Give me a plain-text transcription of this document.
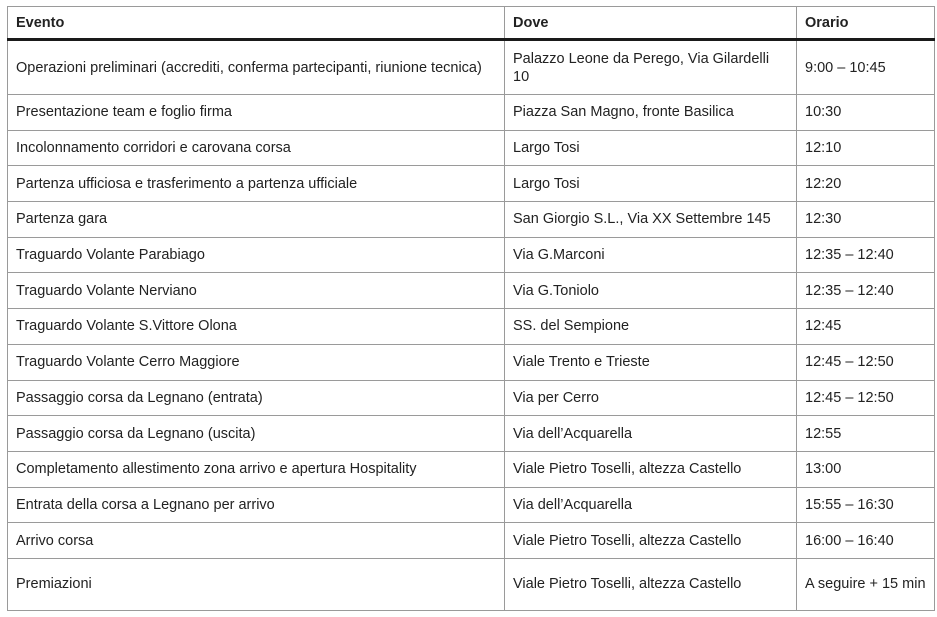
Evento	Dove	Orario
Operazioni preliminari (accrediti, conferma partecipanti, riunione tecnica)	Palazzo Leone da Perego, Via Gilardelli 10	9:00 – 10:45
Presentazione team e foglio firma	Piazza San Magno, fronte Basilica	10:30
Incolonnamento corridori e carovana corsa	Largo Tosi	12:10
Partenza ufficiosa e trasferimento a partenza ufficiale	Largo Tosi	12:20
Partenza gara	San Giorgio S.L., Via XX Settembre 145	12:30
Traguardo Volante Parabiago	Via G.Marconi	12:35 – 12:40
Traguardo Volante Nerviano	Via G.Toniolo	12:35 – 12:40
Traguardo Volante S.Vittore Olona	SS. del Sempione	12:45
Traguardo Volante Cerro Maggiore	Viale Trento e Trieste	12:45 – 12:50
Passaggio corsa da Legnano (entrata)	Via per Cerro	12:45 – 12:50
Passaggio corsa da Legnano (uscita)	Via dell’Acquarella	12:55
Completamento allestimento zona arrivo e apertura Hospitality	Viale Pietro Toselli, altezza Castello	13:00
Entrata della corsa a Legnano per arrivo	Via dell’Acquarella	15:55 – 16:30
Arrivo corsa	Viale Pietro Toselli, altezza Castello	16:00 – 16:40
Premiazioni	Viale Pietro Toselli, altezza Castello	A seguire + 15 min
